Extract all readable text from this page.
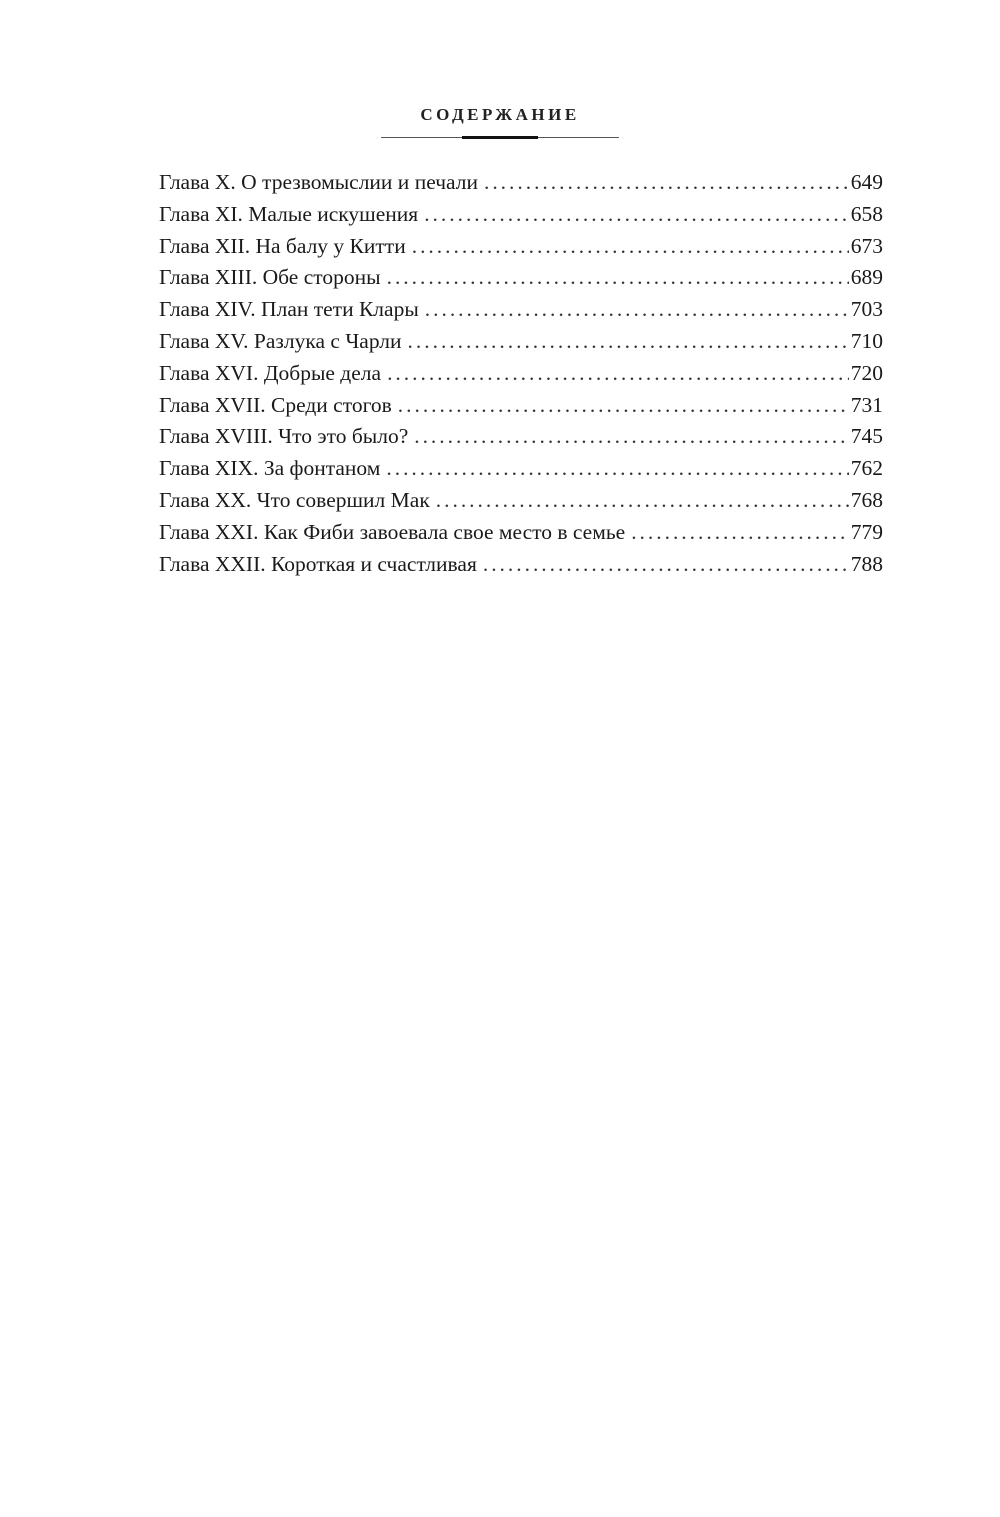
СОДЕРЖАНИЕ
Глава X. О трезвомыслии и печали . . .	649
Глава XI. Малые искушения . . .	658
Глава XII. На балу у Китти . . .	673
Глава XIII. Обе стороны . . .	689
Глава XIV. План тети Клары . . .	703
Глава XV. Разлука с Чарли . . .	710
Глава XVI. Добрые дела . . .	720
Глава XVII. Среди стогов . . .	731
Глава XVIII. Что это было? . . .	745
Глава XIX. За фонтаном . . .	762
Глава XX. Что совершил Мак . . .	768
Глава XXI. Как Фиби завоевала свое место в семье . . .	779
Глава XXII. Короткая и счастливая . . .	788
